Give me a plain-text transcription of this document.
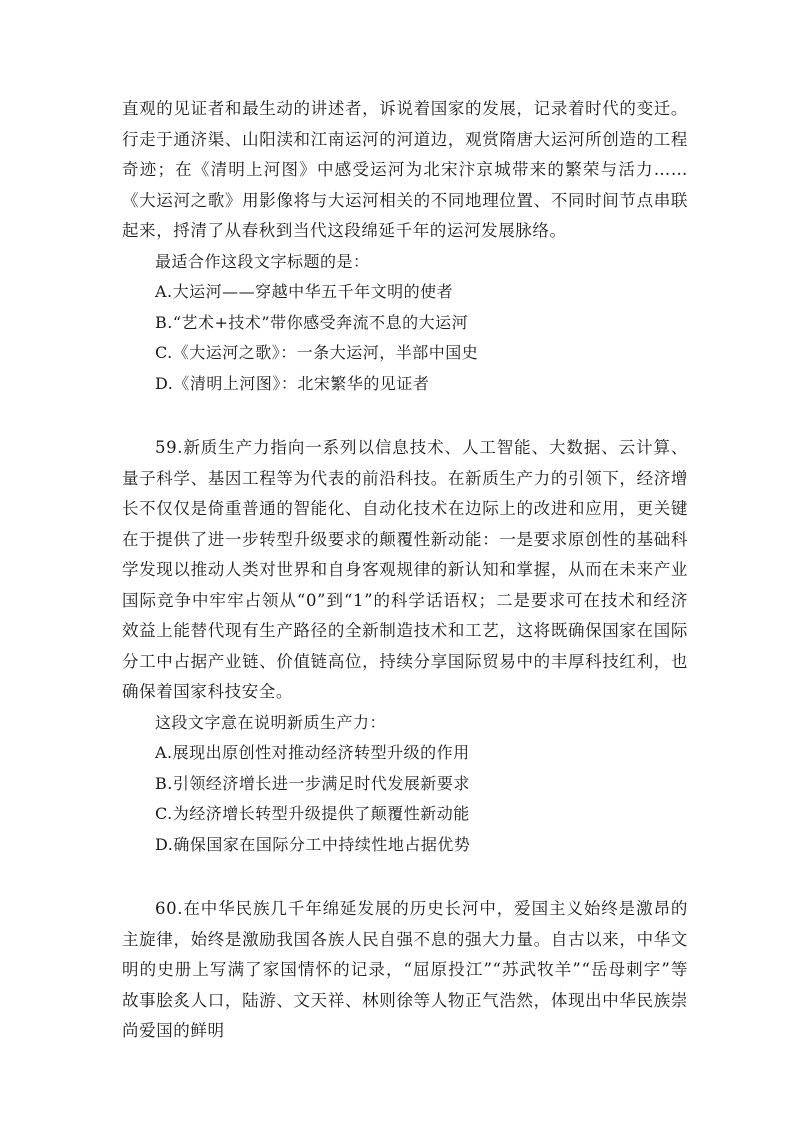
直观的见证者和最生动的讲述者，诉说着国家的发展，记录着时代的变迁。行走于通济渠、山阳渎和江南运河的河道边，观赏隋唐大运河所创造的工程奇迹；在《清明上河图》中感受运河为北宋汴京城带来的繁荣与活力……《大运河之歌》用影像将与大运河相关的不同地理位置、不同时间节点串联起来，捋清了从春秋到当代这段绵延千年的运河发展脉络。

最适合作这段文字标题的是：

A.大运河——穿越中华五千年文明的使者
B.“艺术+技术”带你感受奔流不息的大运河
C.《大运河之歌》：一条大运河，半部中国史
D.《清明上河图》：北宋繁华的见证者

59.新质生产力指向一系列以信息技术、人工智能、大数据、云计算、量子科学、基因工程等为代表的前沿科技。在新质生产力的引领下，经济增长不仅仅是倚重普通的智能化、自动化技术在边际上的改进和应用，更关键在于提供了进一步转型升级要求的颠覆性新动能：一是要求原创性的基础科学发现以推动人类对世界和自身客观规律的新认知和掌握，从而在未来产业国际竞争中牢牢占领从“0”到“1”的科学话语权；二是要求可在技术和经济效益上能替代现有生产路径的全新制造技术和工艺，这将既确保国家在国际分工中占据产业链、价值链高位，持续分享国际贸易中的丰厚科技红利，也确保着国家科技安全。

这段文字意在说明新质生产力：

A.展现出原创性对推动经济转型升级的作用
B.引领经济增长进一步满足时代发展新要求
C.为经济增长转型升级提供了颠覆性新动能
D.确保国家在国际分工中持续性地占据优势

60.在中华民族几千年绵延发展的历史长河中，爱国主义始终是激昂的主旋律，始终是激励我国各族人民自强不息的强大力量。自古以来，中华文明的史册上写满了家国情怀的记录，“屈原投江”“苏武牧羊”“岳母刺字”等故事脍炙人口，陆游、文天祥、林则徐等人物正气浩然，体现出中华民族崇尚爱国的鲜明
